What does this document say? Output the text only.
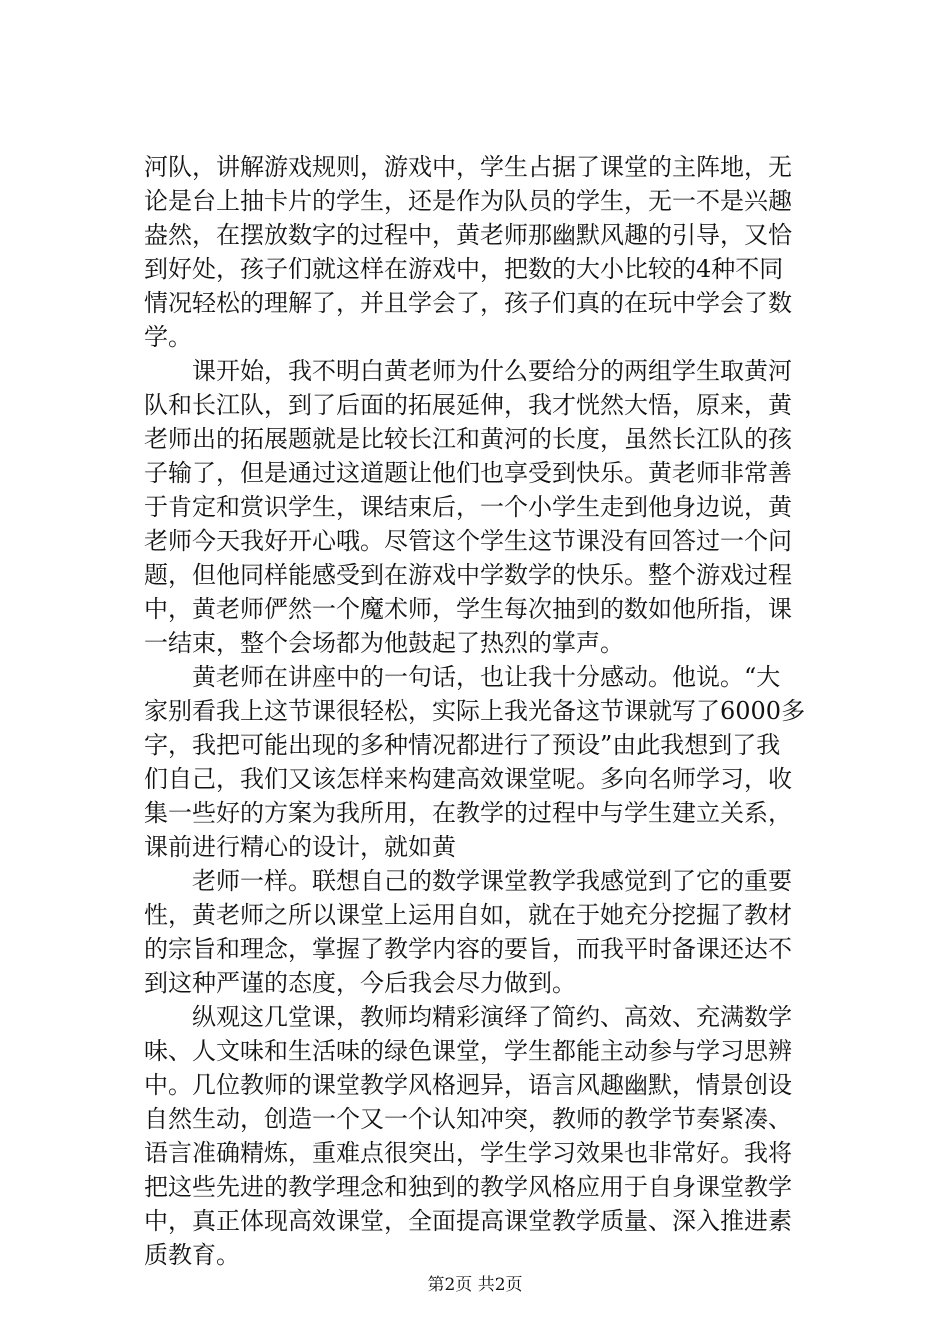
河队，讲解游戏规则，游戏中，学生占据了课堂的主阵地，无
论是台上抽卡片的学生，还是作为队员的学生，无一不是兴趣
盎然，在摆放数字的过程中，黄老师那幽默风趣的引导，又恰
到好处，孩子们就这样在游戏中，把数的大小比较的4种不同
情况轻松的理解了，并且学会了，孩子们真的在玩中学会了数
学。
　　课开始，我不明白黄老师为什么要给分的两组学生取黄河
队和长江队，到了后面的拓展延伸，我才恍然大悟，原来，黄
老师出的拓展题就是比较长江和黄河的长度，虽然长江队的孩
子输了，但是通过这道题让他们也享受到快乐。黄老师非常善
于肯定和赏识学生，课结束后，一个小学生走到他身边说，黄
老师今天我好开心哦。尽管这个学生这节课没有回答过一个问
题，但他同样能感受到在游戏中学数学的快乐。整个游戏过程
中，黄老师俨然一个魔术师，学生每次抽到的数如他所指，课
一结束，整个会场都为他鼓起了热烈的掌声。
　　黄老师在讲座中的一句话，也让我十分感动。他说。“大
家别看我上这节课很轻松，实际上我光备这节课就写了6000多
字，我把可能出现的多种情况都进行了预设”由此我想到了我
们自己，我们又该怎样来构建高效课堂呢。多向名师学习，收
集一些好的方案为我所用，在教学的过程中与学生建立关系，
课前进行精心的设计，就如黄
　　老师一样。联想自己的数学课堂教学我感觉到了它的重要
性，黄老师之所以课堂上运用自如，就在于她充分挖掘了教材
的宗旨和理念，掌握了教学内容的要旨，而我平时备课还达不
到这种严谨的态度，今后我会尽力做到。
　　纵观这几堂课，教师均精彩演绎了简约、高效、充满数学
味、人文味和生活味的绿色课堂，学生都能主动参与学习思辨
中。几位教师的课堂教学风格迥异，语言风趣幽默，情景创设
自然生动，创造一个又一个认知冲突，教师的教学节奏紧凑、
语言准确精炼，重难点很突出，学生学习效果也非常好。我将
把这些先进的教学理念和独到的教学风格应用于自身课堂教学
中，真正体现高效课堂，全面提高课堂教学质量、深入推进素
质教育。
第2页 共2页
